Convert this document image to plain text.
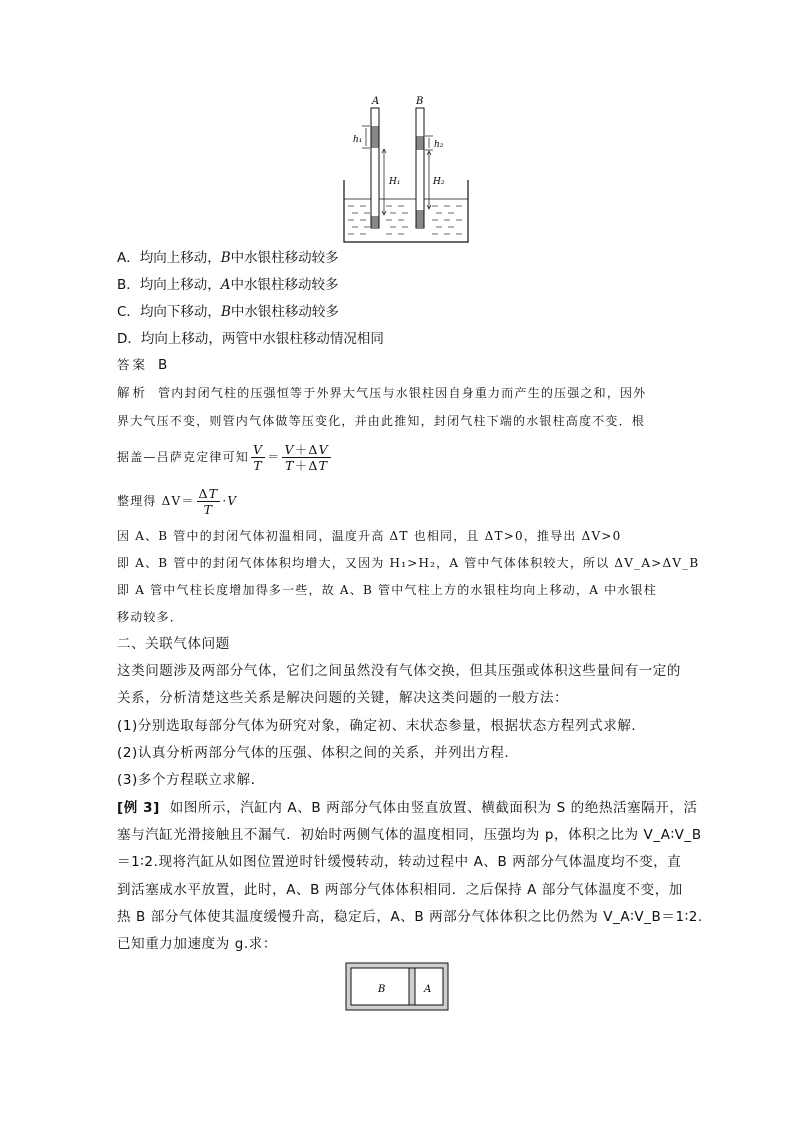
A	B
h₁
H₁
h₂
H₂
A．均向上移动，B中水银柱移动较多
B．均向上移动，A中水银柱移动较多
C．均向下移动，B中水银柱移动较多
D．均向上移动，两管中水银柱移动情况相同
答案 B
解析 管内封闭气柱的压强恒等于外界大气压与水银柱因自身重力而产生的压强之和，因外
界大气压不变，则管内气体做等压变化，并由此推知，封闭气柱下端的水银柱高度不变．根
据盖—吕萨克定律可知 $\frac{V}{T} = \frac{V+\Delta V}{T+\Delta T}$
整理得 $\Delta V= \frac{\Delta T}{T} \cdot V$
因 A、B 管中的封闭气体初温相同，温度升高 ΔT 也相同，且 ΔT>0，推导出 ΔV>0
即 A、B 管中的封闭气体体积均增大，又因为 H₁>H₂，A 管中气体体积较大，所以 ΔV_A>ΔV_B
即 A 管中气柱长度增加得多一些，故 A、B 管中气柱上方的水银柱均向上移动，A 中水银柱
移动较多．
二、关联气体问题
这类问题涉及两部分气体，它们之间虽然没有气体交换，但其压强或体积这些量间有一定的
关系，分析清楚这些关系是解决问题的关键，解决这类问题的一般方法：
(1)分别选取每部分气体为研究对象，确定初、末状态参量，根据状态方程列式求解．
(2)认真分析两部分气体的压强、体积之间的关系，并列出方程．
(3)多个方程联立求解．
[例 3] 如图所示，汽缸内 A、B 两部分气体由竖直放置、横截面积为 S 的绝热活塞隔开，活
塞与汽缸光滑接触且不漏气．初始时两侧气体的温度相同，压强均为 p，体积之比为 V_A∶V_B
＝1∶2.现将汽缸从如图位置逆时针缓慢转动，转动过程中 A、B 两部分气体温度均不变，直
到活塞成水平放置，此时，A、B 两部分气体体积相同．之后保持 A 部分气体温度不变，加
热 B 部分气体使其温度缓慢升高，稳定后，A、B 两部分气体体积之比仍然为 V_A∶V_B＝1∶2.
已知重力加速度为 g.求：
B	A
